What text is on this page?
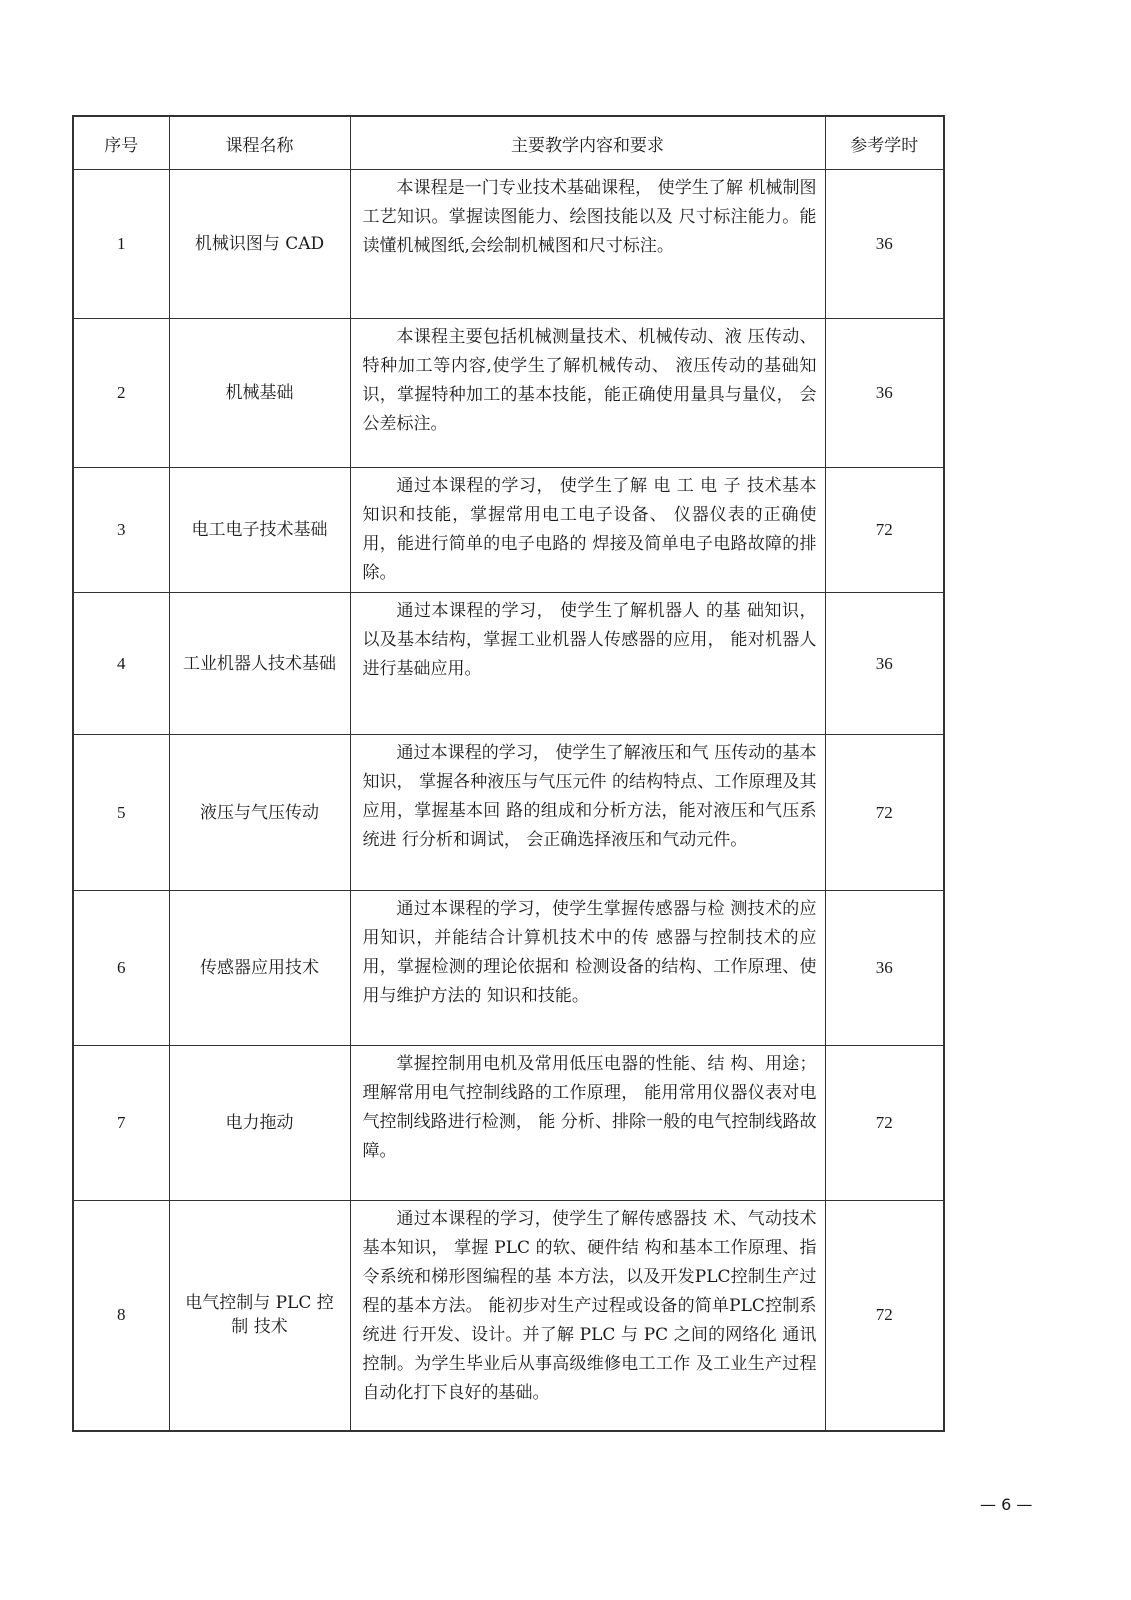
序号	课程名称	主要教学内容和要求	参考学时
1	机械识图与 CAD	本课程是一门专业技术基础课程， 使学生了解 机械制图工艺知识。掌握读图能力、绘图技能以及 尺寸标注能力。能读懂机械图纸,会绘制机械图和尺寸标注。	36
2	机械基础	本课程主要包括机械测量技术、机械传动、液 压传动、特种加工等内容,使学生了解机械传动、 液压传动的基础知识，掌握特种加工的基本技能，能正确使用量具与量仪， 会公差标注。	36
3	电工电子技术基础	通过本课程的学习， 使学生了解 电 工 电 子 技术基本知识和技能，掌握常用电工电子设备、 仪器仪表的正确使用，能进行简单的电子电路的 焊接及简单电子电路故障的排除。	72
4	工业机器人技术基础	通过本课程的学习， 使学生了解机器人 的基 础知识，以及基本结构，掌握工业机器人传感器的应用， 能对机器人进行基础应用。	36
5	液压与气压传动	通过本课程的学习， 使学生了解液压和气 压传动的基本知识， 掌握各种液压与气压元件 的结构特点、工作原理及其应用，掌握基本回 路的组成和分析方法，能对液压和气压系统进 行分析和调试， 会正确选择液压和气动元件。	72
6	传感器应用技术	通过本课程的学习，使学生掌握传感器与检 测技术的应用知识，并能结合计算机技术中的传 感器与控制技术的应用，掌握检测的理论依据和 检测设备的结构、工作原理、使用与维护方法的 知识和技能。	36
7	电力拖动	掌握控制用电机及常用低压电器的性能、结 构、用途； 理解常用电气控制线路的工作原理， 能用常用仪器仪表对电气控制线路进行检测， 能 分析、排除一般的电气控制线路故障。	72
8	电气控制与 PLC 控 制 技术	通过本课程的学习，使学生了解传感器技 术、气动技术基本知识， 掌握 PLC 的软、硬件结 构和基本工作原理、指令系统和梯形图编程的基 本方法，以及开发PLC控制生产过程的基本方法。 能初步对生产过程或设备的简单PLC控制系统进 行开发、设计。并了解 PLC 与 PC 之间的网络化 通讯控制。为学生毕业后从事高级维修电工工作 及工业生产过程自动化打下良好的基础。	72
— 6 —
